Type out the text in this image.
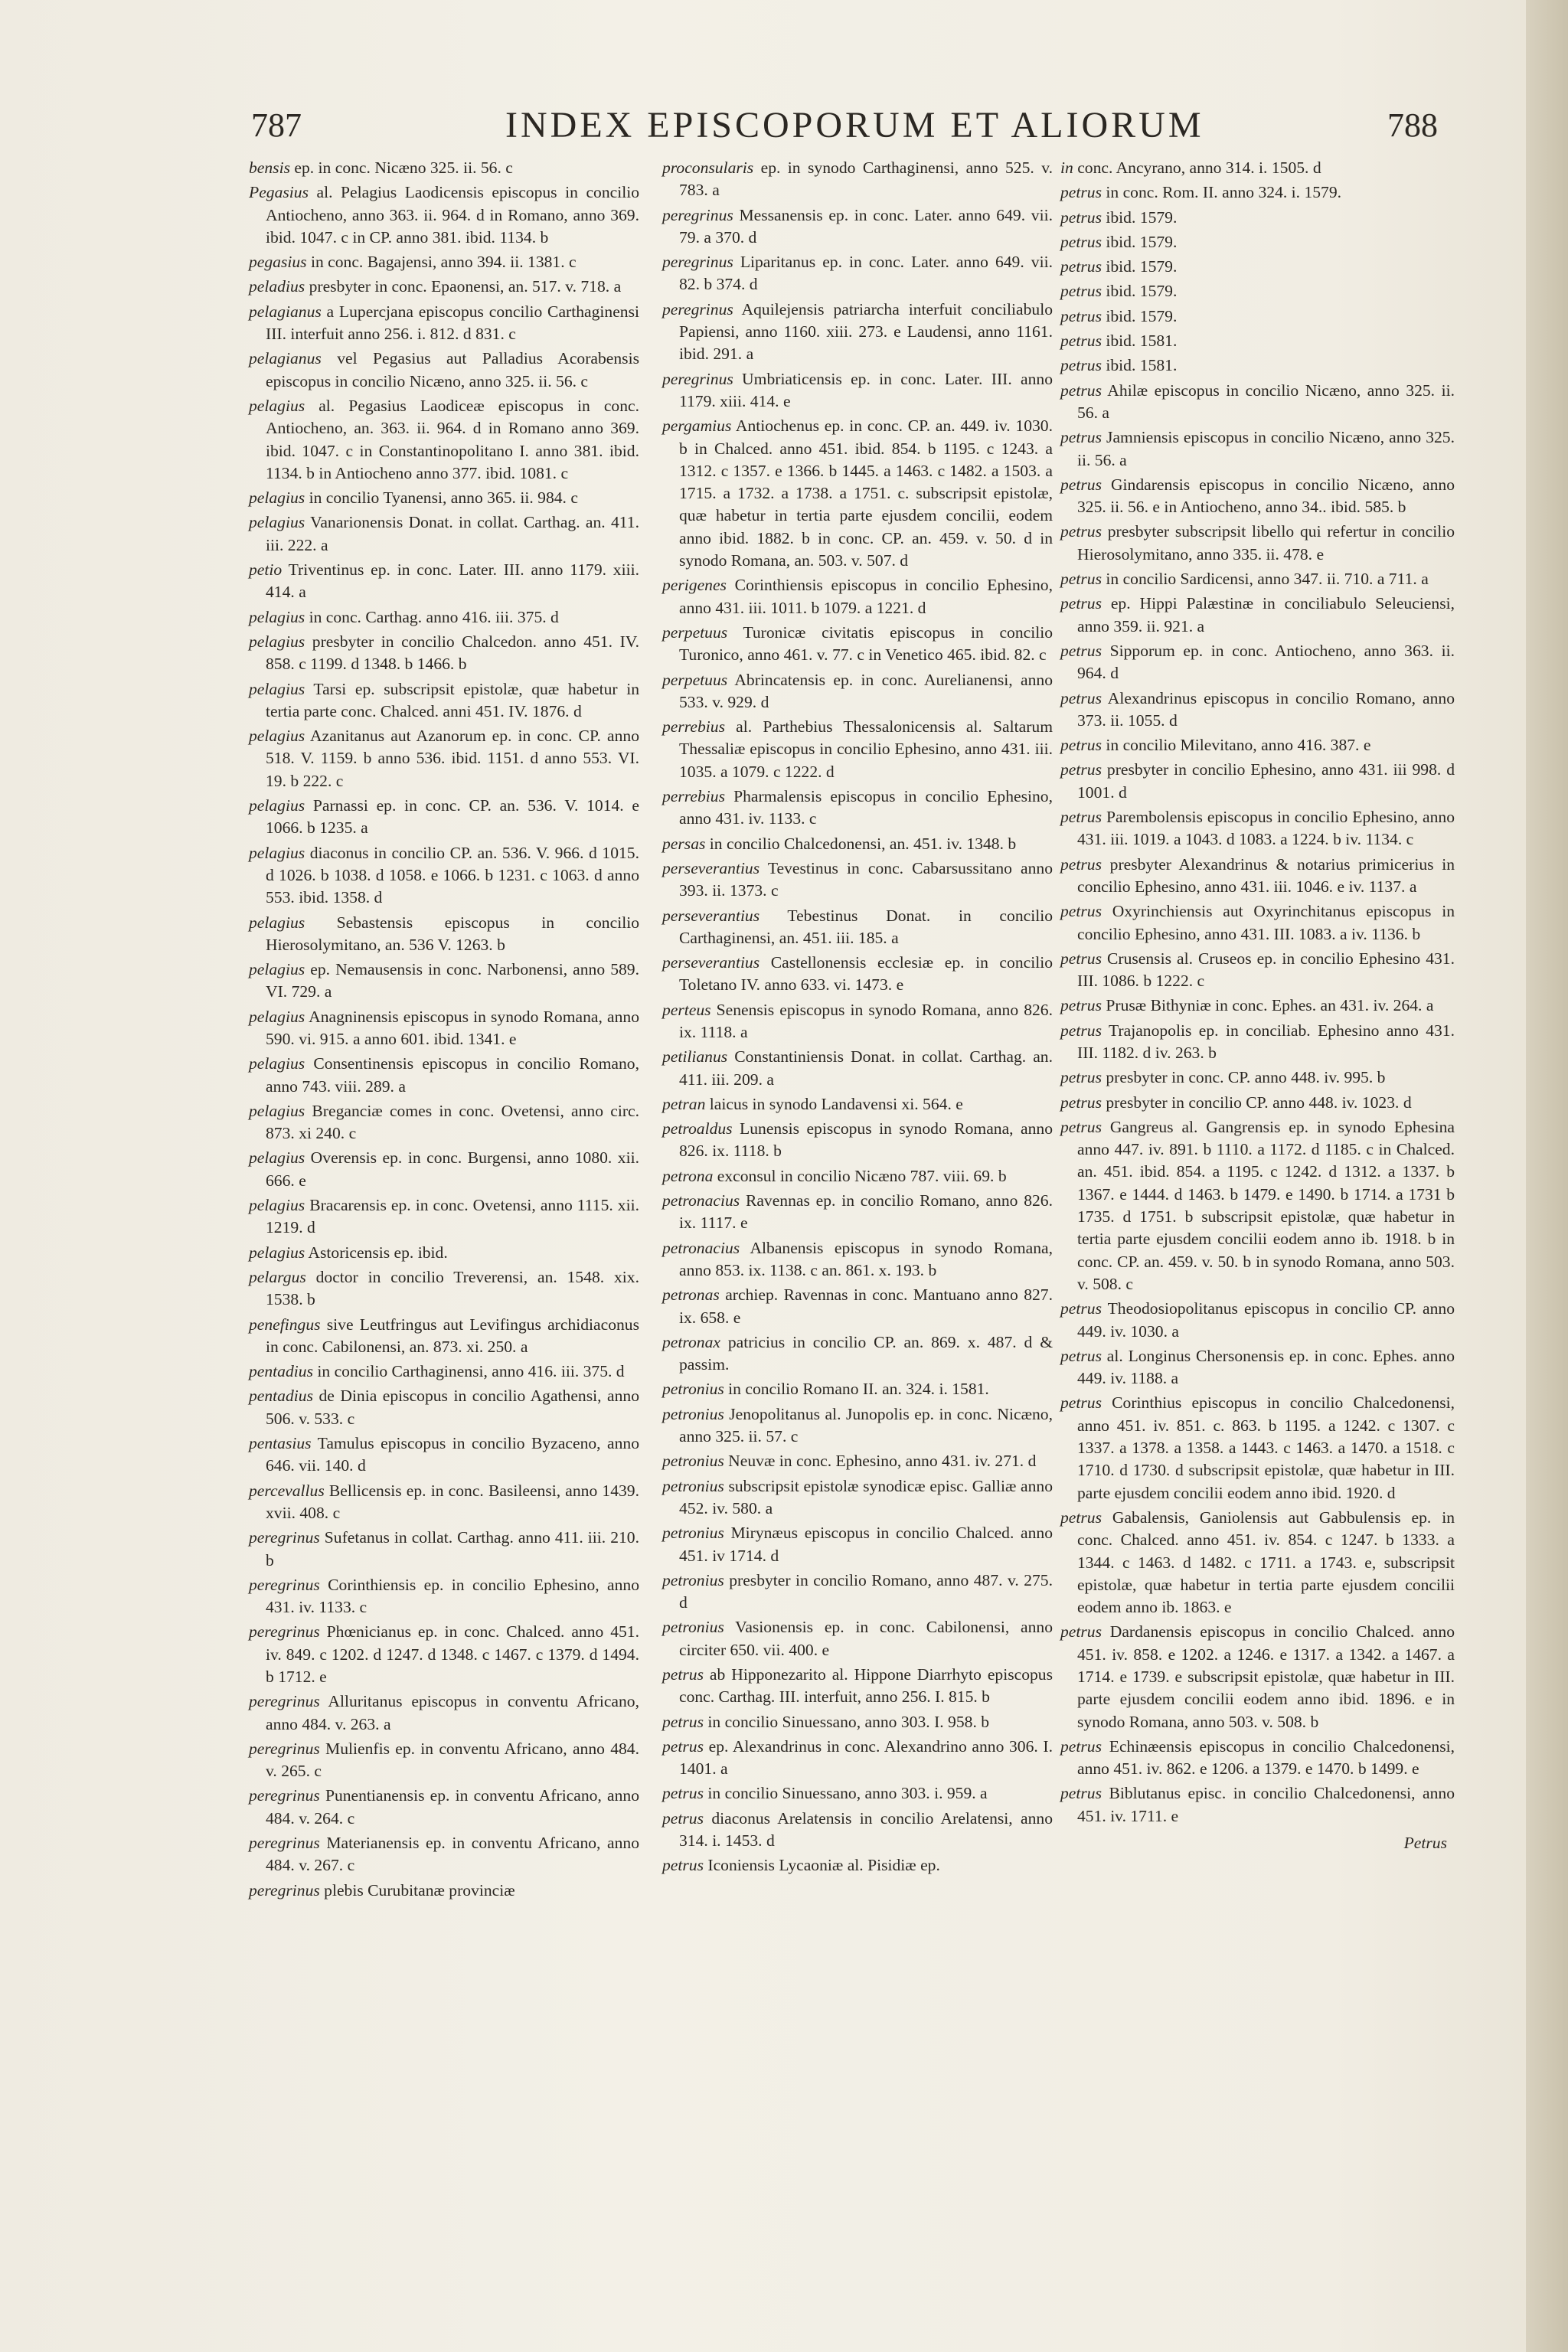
787	INDEX EPISCOPORUM ET ALIORUM	788

bensis ep. in conc. Nicæno 325. ii. 56. c

Pegasius al. Pelagius Laodicensis episcopus in concilio Antiocheno, anno 363. ii. 964. d in Romano, anno 369. ibid. 1047. c in CP. anno 381. ibid. 1134. b

pegasius in conc. Bagajensi, anno 394. ii. 1381. c

peladius presbyter in conc. Epaonensi, an. 517. v. 718. a

pelagianus a Lupercjana episcopus concilio Carthaginensi III. interfuit anno 256. i. 812. d 831. c

pelagianus vel Pegasius aut Palladius Acorabensis episcopus in concilio Nicæno, anno 325. ii. 56. c

pelagius al. Pegasius Laodiceæ episcopus in conc. Antiocheno, an. 363. ii. 964. d in Romano anno 369. ibid. 1047. c in Constantinopolitano I. anno 381. ibid. 1134. b in Antiocheno anno 377. ibid. 1081. c

pelagius in concilio Tyanensi, anno 365. ii. 984. c

pelagius Vanarionensis Donat. in collat. Carthag. an. 411. iii. 222. a

petio Triventinus ep. in conc. Later. III. anno 1179. xiii. 414. a

pelagius in conc. Carthag. anno 416. iii. 375. d

pelagius presbyter in concilio Chalcedon. anno 451. IV. 858. c 1199. d 1348. b 1466. b

pelagius Tarsi ep. subscripsit epistolæ, quæ habetur in tertia parte conc. Chalced. anni 451. IV. 1876. d

pelagius Azanitanus aut Azanorum ep. in conc. CP. anno 518. V. 1159. b anno 536. ibid. 1151. d anno 553. VI. 19. b 222. c

pelagius Parnassi ep. in conc. CP. an. 536. V. 1014. e 1066. b 1235. a

pelagius diaconus in concilio CP. an. 536. V. 966. d 1015. d 1026. b 1038. d 1058. e 1066. b 1231. c 1063. d anno 553. ibid. 1358. d

pelagius Sebastensis episcopus in concilio Hierosolymitano, an. 536 V. 1263. b

pelagius ep. Nemausensis in conc. Narbonensi, anno 589. VI. 729. a

pelagius Anagninensis episcopus in synodo Romana, anno 590. vi. 915. a anno 601. ibid. 1341. e

pelagius Consentinensis episcopus in concilio Romano, anno 743. viii. 289. a

pelagius Breganciæ comes in conc. Ovetensi, anno circ. 873. xi 240. c

pelagius Overensis ep. in conc. Burgensi, anno 1080. xii. 666. e

pelagius Bracarensis ep. in conc. Ovetensi, anno 1115. xii. 1219. d

pelagius Astoricensis ep. ibid.

pelargus doctor in concilio Treverensi, an. 1548. xix. 1538. b

penefingus sive Leutfringus aut Levifingus archidiaconus in conc. Cabilonensi, an. 873. xi. 250. a

pentadius in concilio Carthaginensi, anno 416. iii. 375. d

pentadius de Dinia episcopus in concilio Agathensi, anno 506. v. 533. c

pentasius Tamulus episcopus in concilio Byzaceno, anno 646. vii. 140. d

percevallus Bellicensis ep. in conc. Basileensi, anno 1439. xvii. 408. c

peregrinus Sufetanus in collat. Carthag. anno 411. iii. 210. b

peregrinus Corinthiensis ep. in concilio Ephesino, anno 431. iv. 1133. c

peregrinus Phœnicianus ep. in conc. Chalced. anno 451. iv. 849. c 1202. d 1247. d 1348. c 1467. c 1379. d 1494. b 1712. e

peregrinus Alluritanus episcopus in conventu Africano, anno 484. v. 263. a

peregrinus Mulienfis ep. in conventu Africano, anno 484. v. 265. c

peregrinus Punentianensis ep. in conventu Africano, anno 484. v. 264. c

peregrinus Materianensis ep. in conventu Africano, anno 484. v. 267. c

peregrinus plebis Curubitanæ provinciæ

proconsularis ep. in synodo Carthaginensi, anno 525. v. 783. a

peregrinus Messanensis ep. in conc. Later. anno 649. vii. 79. a 370. d

peregrinus Liparitanus ep. in conc. Later. anno 649. vii. 82. b 374. d

peregrinus Aquilejensis patriarcha interfuit conciliabulo Papiensi, anno 1160. xiii. 273. e Laudensi, anno 1161. ibid. 291. a

peregrinus Umbriaticensis ep. in conc. Later. III. anno 1179. xiii. 414. e

pergamius Antiochenus ep. in conc. CP. an. 449. iv. 1030. b in Chalced. anno 451. ibid. 854. b 1195. c 1243. a 1312. c 1357. e 1366. b 1445. a 1463. c 1482. a 1503. a 1715. a 1732. a 1738. a 1751. c. subscripsit epistolæ, quæ habetur in tertia parte ejusdem concilii, eodem anno ibid. 1882. b in conc. CP. an. 459. v. 50. d in synodo Romana, an. 503. v. 507. d

perigenes Corinthiensis episcopus in concilio Ephesino, anno 431. iii. 1011. b 1079. a 1221. d

perpetuus Turonicæ civitatis episcopus in concilio Turonico, anno 461. v. 77. c in Venetico 465. ibid. 82. c

perpetuus Abrincatensis ep. in conc. Aurelianensi, anno 533. v. 929. d

perrebius al. Parthebius Thessalonicensis al. Saltarum Thessaliæ episcopus in concilio Ephesino, anno 431. iii. 1035. a 1079. c 1222. d

perrebius Pharmalensis episcopus in concilio Ephesino, anno 431. iv. 1133. c

persas in concilio Chalcedonensi, an. 451. iv. 1348. b

perseverantius Tevestinus in conc. Cabarsussitano anno 393. ii. 1373. c

perseverantius Tebestinus Donat. in concilio Carthaginensi, an. 451. iii. 185. a

perseverantius Castellonensis ecclesiæ ep. in concilio Toletano IV. anno 633. vi. 1473. e

perteus Senensis episcopus in synodo Romana, anno 826. ix. 1118. a

petilianus Constantiniensis Donat. in collat. Carthag. an. 411. iii. 209. a

petran laicus in synodo Landavensi xi. 564. e

petroaldus Lunensis episcopus in synodo Romana, anno 826. ix. 1118. b

petrona exconsul in concilio Nicæno 787. viii. 69. b

petronacius Ravennas ep. in concilio Romano, anno 826. ix. 1117. e

petronacius Albanensis episcopus in synodo Romana, anno 853. ix. 1138. c an. 861. x. 193. b

petronas archiep. Ravennas in conc. Mantuano anno 827. ix. 658. e

petronax patricius in concilio CP. an. 869. x. 487. d & passim.

petronius in concilio Romano II. an. 324. i. 1581.

petronius Jenopolitanus al. Junopolis ep. in conc. Nicæno, anno 325. ii. 57. c

petronius Neuvæ in conc. Ephesino, anno 431. iv. 271. d

petronius subscripsit epistolæ synodicæ episc. Galliæ anno 452. iv. 580. a

petronius Mirynæus episcopus in concilio Chalced. anno 451. iv 1714. d

petronius presbyter in concilio Romano, anno 487. v. 275. d

petronius Vasionensis ep. in conc. Cabilonensi, anno circiter 650. vii. 400. e

petrus ab Hipponezarito al. Hippone Diarrhyto episcopus conc. Carthag. III. interfuit, anno 256. I. 815. b

petrus in concilio Sinuessano, anno 303. I. 958. b

petrus ep. Alexandrinus in conc. Alexandrino anno 306. I. 1401. a

petrus in concilio Sinuessano, anno 303. i. 959. a

petrus diaconus Arelatensis in concilio Arelatensi, anno 314. i. 1453. d

petrus Iconiensis Lycaoniæ al. Pisidiæ ep.

in conc. Ancyrano, anno 314. i. 1505. d

petrus in conc. Rom. II. anno 324. i. 1579.

petrus ibid. 1579.

petrus ibid. 1579.

petrus ibid. 1579.

petrus ibid. 1579.

petrus ibid. 1579.

petrus ibid. 1581.

petrus ibid. 1581.

petrus Ahilæ episcopus in concilio Nicæno, anno 325. ii. 56. a

petrus Jamniensis episcopus in concilio Nicæno, anno 325. ii. 56. a

petrus Gindarensis episcopus in concilio Nicæno, anno 325. ii. 56. e in Antiocheno, anno 34.. ibid. 585. b

petrus presbyter subscripsit libello qui refertur in concilio Hierosolymitano, anno 335. ii. 478. e

petrus in concilio Sardicensi, anno 347. ii. 710. a 711. a

petrus ep. Hippi Palæstinæ in conciliabulo Seleuciensi, anno 359. ii. 921. a

petrus Sipporum ep. in conc. Antiocheno, anno 363. ii. 964. d

petrus Alexandrinus episcopus in concilio Romano, anno 373. ii. 1055. d

petrus in concilio Milevitano, anno 416. 387. e

petrus presbyter in concilio Ephesino, anno 431. iii 998. d 1001. d

petrus Parembolensis episcopus in concilio Ephesino, anno 431. iii. 1019. a 1043. d 1083. a 1224. b iv. 1134. c

petrus presbyter Alexandrinus & notarius primicerius in concilio Ephesino, anno 431. iii. 1046. e iv. 1137. a

petrus Oxyrinchiensis aut Oxyrinchitanus episcopus in concilio Ephesino, anno 431. III. 1083. a iv. 1136. b

petrus Crusensis al. Cruseos ep. in concilio Ephesino 431. III. 1086. b 1222. c

petrus Prusæ Bithyniæ in conc. Ephes. an 431. iv. 264. a

petrus Trajanopolis ep. in conciliab. Ephesino anno 431. III. 1182. d iv. 263. b

petrus presbyter in conc. CP. anno 448. iv. 995. b

petrus presbyter in concilio CP. anno 448. iv. 1023. d

petrus Gangreus al. Gangrensis ep. in synodo Ephesina anno 447. iv. 891. b 1110. a 1172. d 1185. c in Chalced. an. 451. ibid. 854. a 1195. c 1242. d 1312. a 1337. b 1367. e 1444. d 1463. b 1479. e 1490. b 1714. a 1731 b 1735. d 1751. b subscripsit epistolæ, quæ habetur in tertia parte ejusdem concilii eodem anno ib. 1918. b in conc. CP. an. 459. v. 50. b in synodo Romana, anno 503. v. 508. c

petrus Theodosiopolitanus episcopus in concilio CP. anno 449. iv. 1030. a

petrus al. Longinus Chersonensis ep. in conc. Ephes. anno 449. iv. 1188. a

petrus Corinthius episcopus in concilio Chalcedonensi, anno 451. iv. 851. c. 863. b 1195. a 1242. c 1307. c 1337. a 1378. a 1358. a 1443. c 1463. a 1470. a 1518. c 1710. d 1730. d subscripsit epistolæ, quæ habetur in III. parte ejusdem concilii eodem anno ibid. 1920. d

petrus Gabalensis, Ganiolensis aut Gabbulensis ep. in conc. Chalced. anno 451. iv. 854. c 1247. b 1333. a 1344. c 1463. d 1482. c 1711. a 1743. e, subscripsit epistolæ, quæ habetur in tertia parte ejusdem concilii eodem anno ib. 1863. e

petrus Dardanensis episcopus in concilio Chalced. anno 451. iv. 858. e 1202. a 1246. e 1317. a 1342. a 1467. a 1714. e 1739. e subscripsit epistolæ, quæ habetur in III. parte ejusdem concilii eodem anno ibid. 1896. e in synodo Romana, anno 503. v. 508. b

petrus Echinæensis episcopus in concilio Chalcedonensi, anno 451. iv. 862. e 1206. a 1379. e 1470. b 1499. e

petrus Biblutanus episc. in concilio Chalcedonensi, anno 451. iv. 1711. e

Petrus
